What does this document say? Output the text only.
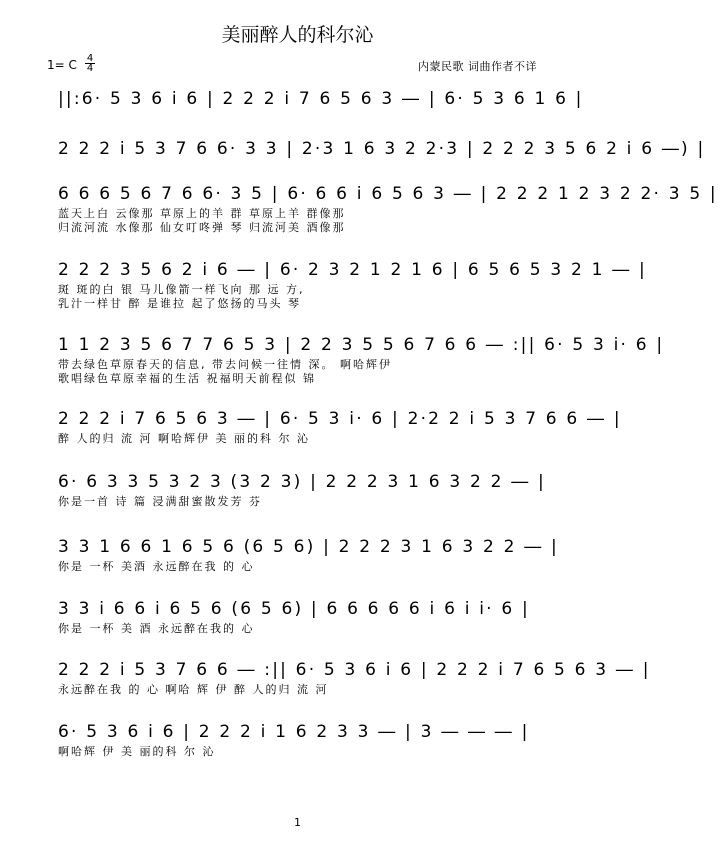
美丽醉人的科尔沁
1= C 4
4	内蒙民歌 词曲作者不详
||:6· 5 3 6 i 6 | 2 2 2 i 7 6 5 6 3 ― | 6· 5 3 6 1 6 |
2 2 2 i 5 3 7 6 6· 3 3 | 2·3 1 6 3 2 2·3 | 2 2 2 3 5 6 2 i 6 ―) |
6 6 6 5 6 7 6 6· 3 5 | 6· 6 6 i 6 5 6 3 ― | 2 2 2 1 2 3 2 2· 3 5 |
蓝天上白 云像那 草原上的羊 群 草原上羊 群像那
归流河流 水像那 仙女叮咚弹 琴 归流河美 酒像那
2 2 2 3 5 6 2 i 6 ― | 6· 2 3 2 1 2 1 6 | 6 5 6 5 3 2 1 ― |
斑 斑的白 银 马儿像箭一样飞向 那 远 方,
乳汁一样甘 醉 是谁拉 起了悠扬的马头 琴
1 1 2 3 5 6 7 7 6 5 3 | 2 2 3 5 5 6 7 6 6 ― :|| 6· 5 3 i· 6 |
带去绿色草原春天的信息, 带去问候一往情 深。 啊哈辉伊
歌唱绿色草原幸福的生活 祝福明天前程似 锦
2 2 2 i 7 6 5 6 3 ― | 6· 5 3 i· 6 | 2·2 2 i 5 3 7 6 6 ― |
醉 人的归 流 河 啊哈辉伊 美 丽的科 尔 沁
6· 6 3 3 5 3 2 3 (3 2 3) | 2 2 2 3 1 6 3 2 2 ― |
你是一首 诗 篇 浸满甜蜜散发芳 芬
3 3 1 6 6 1 6 5 6 (6 5 6) | 2 2 2 3 1 6 3 2 2 ― |
你是 一杯 美酒 永远醉在我 的 心
3 3 i 6 6 i 6 5 6 (6 5 6) | 6 6 6 6 6 i 6 i i· 6 |
你是 一杯 美 酒 永远醉在我的 心
2 2 2 i 5 3 7 6 6 ― :|| 6· 5 3 6 i 6 | 2 2 2 i 7 6 5 6 3 ― |
永远醉在我 的 心 啊哈 辉 伊 醉 人的归 流 河
6· 5 3 6 i 6 | 2 2 2 i 1 6 2 3 3 ― | 3 ― ― ― |
啊哈辉 伊 美 丽的科 尔 沁
1
